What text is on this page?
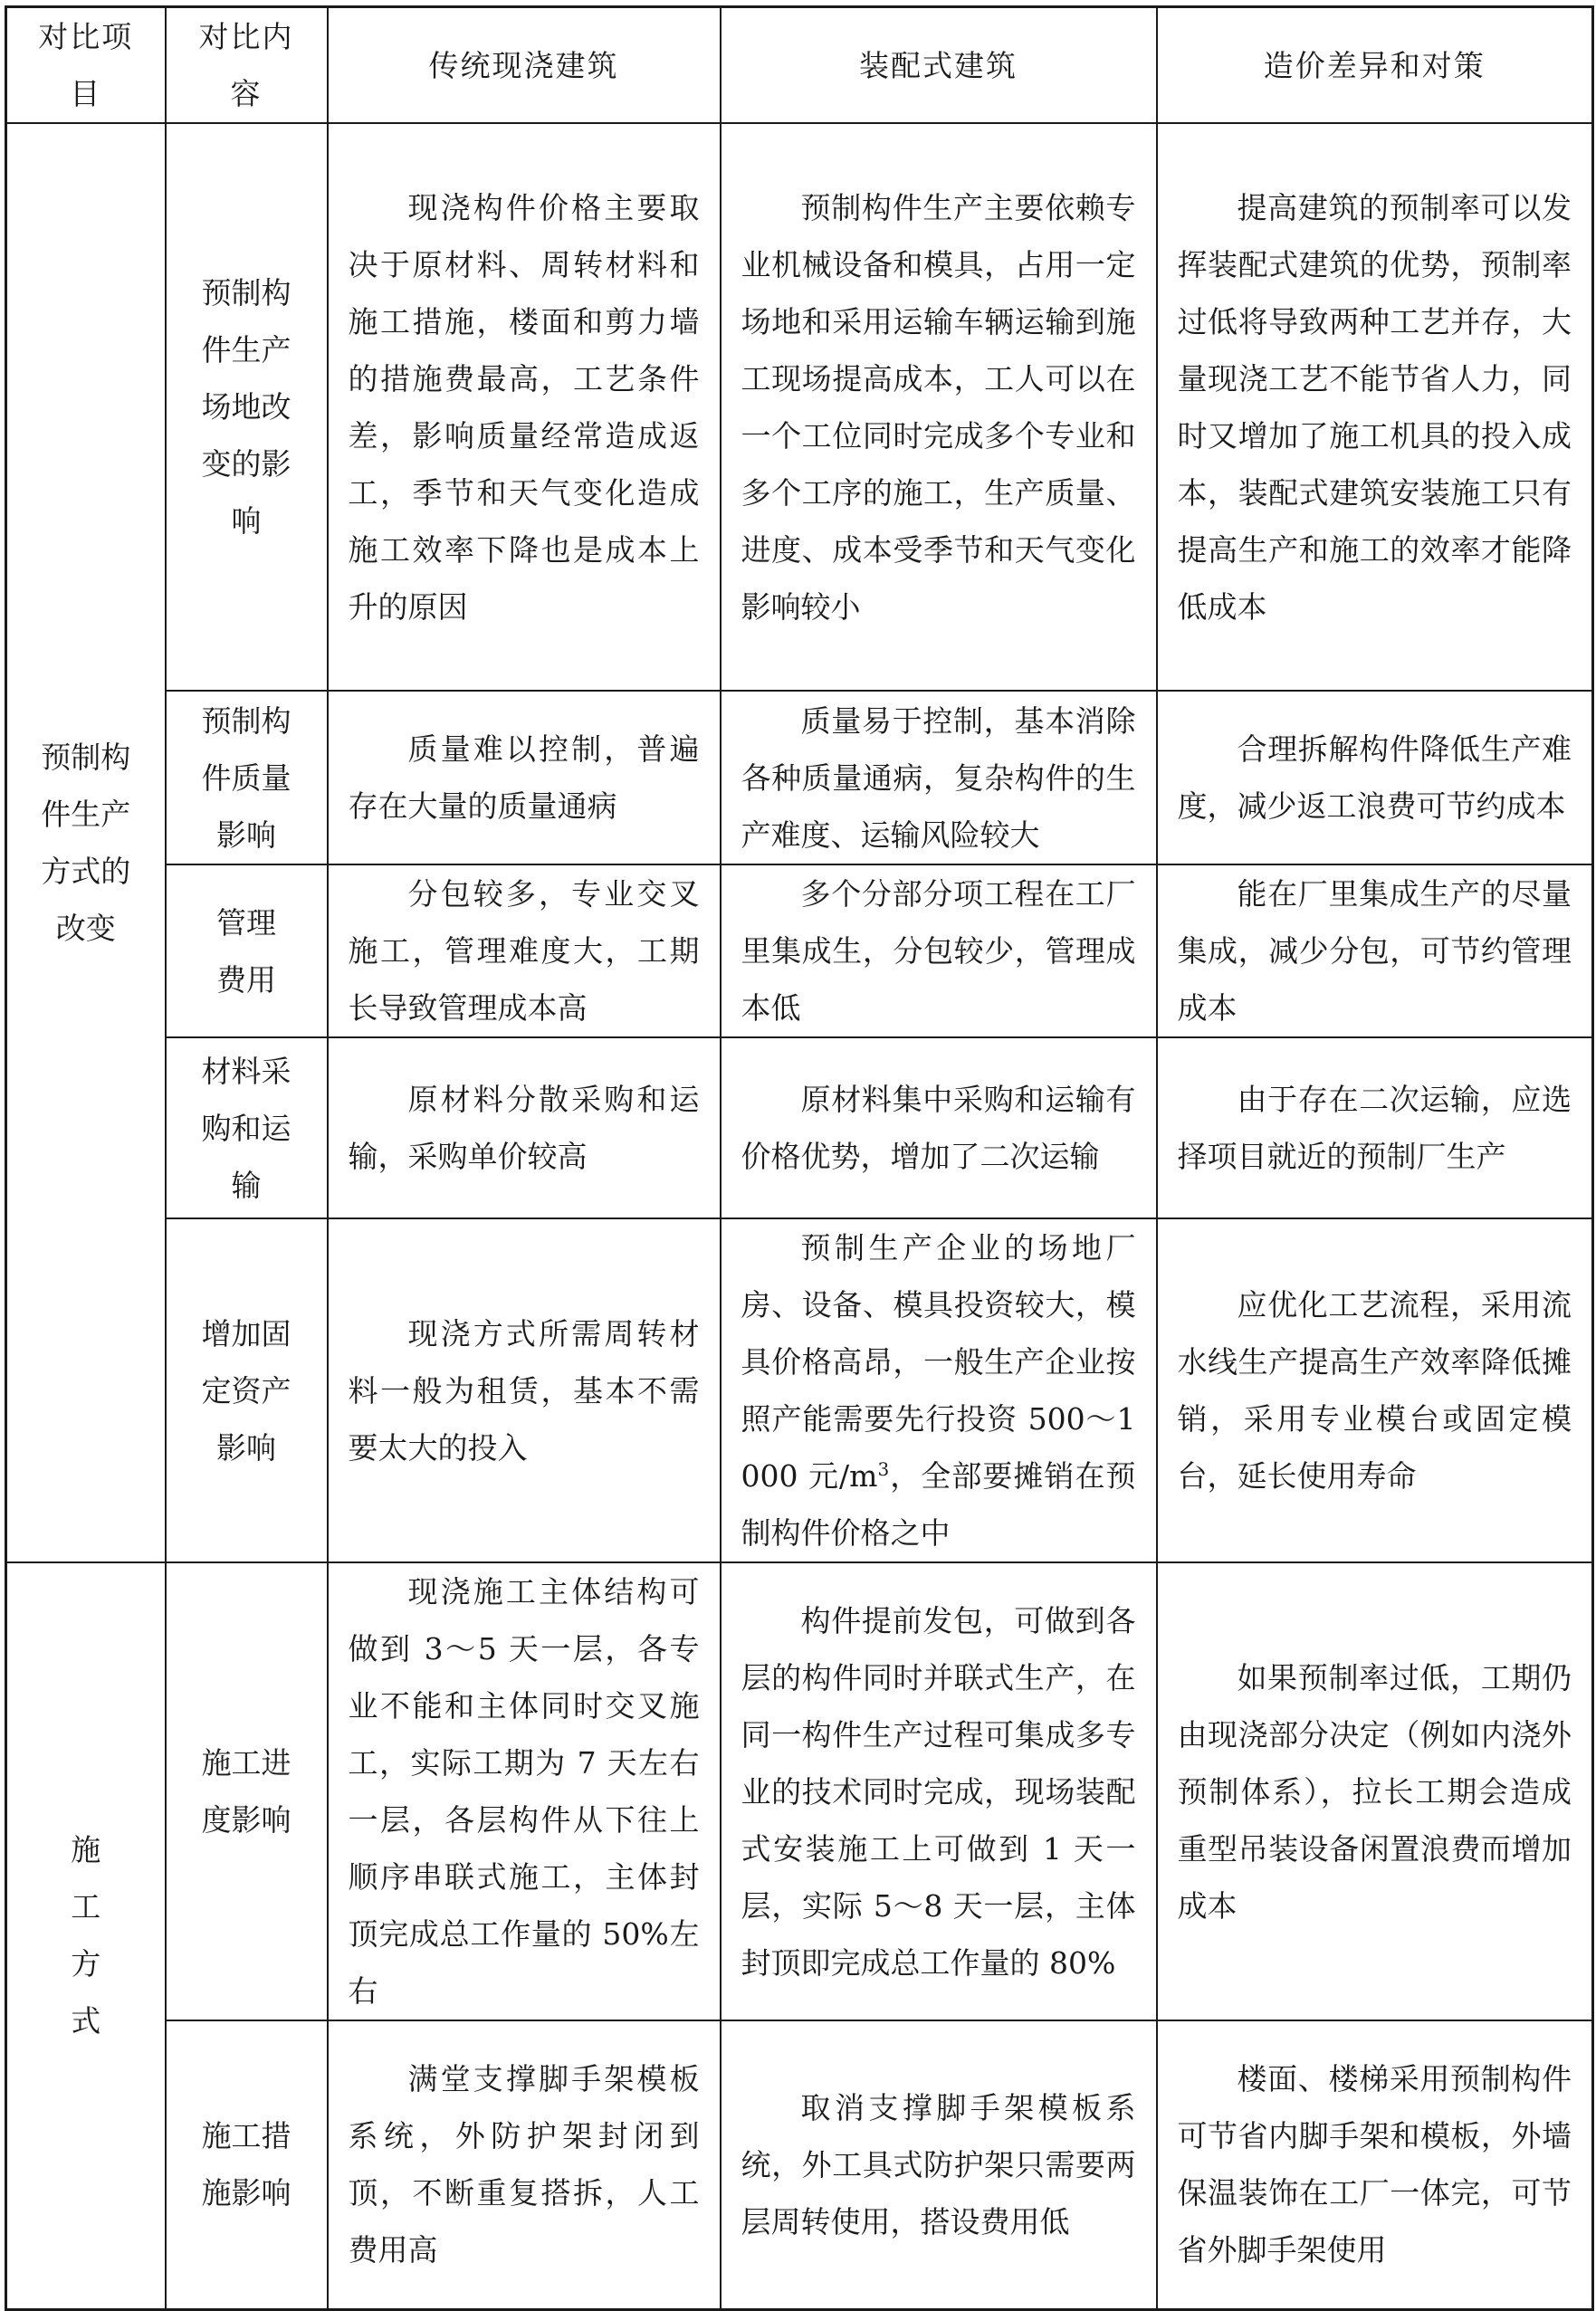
对比项目	对比内容	传统现浇建筑	装配式建筑	造价差异和对策
预制构件生产方式的改变	预制构件生产场地改变的影响	现浇构件价格主要取决于原材料、周转材料和施工措施，楼面和剪力墙的措施费最高，工艺条件差，影响质量经常造成返工，季节和天气变化造成施工效率下降也是成本上升的原因	预制构件生产主要依赖专业机械设备和模具，占用一定场地和采用运输车辆运输到施工现场提高成本，工人可以在一个工位同时完成多个专业和多个工序的施工，生产质量、进度、成本受季节和天气变化影响较小	提高建筑的预制率可以发挥装配式建筑的优势，预制率过低将导致两种工艺并存，大量现浇工艺不能节省人力，同时又增加了施工机具的投入成本，装配式建筑安装施工只有提高生产和施工的效率才能降低成本
	预制构件质量影响	质量难以控制，普遍存在大量的质量通病	质量易于控制，基本消除各种质量通病，复杂构件的生产难度、运输风险较大	合理拆解构件降低生产难度，减少返工浪费可节约成本
	管理费用	分包较多，专业交叉施工，管理难度大，工期长导致管理成本高	多个分部分项工程在工厂里集成生，分包较少，管理成本低	能在厂里集成生产的尽量集成，减少分包，可节约管理成本
	材料采购和运输	原材料分散采购和运输，采购单价较高	原材料集中采购和运输有价格优势，增加了二次运输	由于存在二次运输，应选择项目就近的预制厂生产
	增加固定资产影响	现浇方式所需周转材料一般为租赁，基本不需要太大的投入	预制生产企业的场地厂房、设备、模具投资较大，模具价格高昂，一般生产企业按照产能需要先行投资 500～1 000 元$/m^3$，全部要摊销在预制构件价格之中	应优化工艺流程，采用流水线生产提高生产效率降低摊销，采用专业模台或固定模台，延长使用寿命
施工方式	施工进度影响	现浇施工主体结构可做到 3～5 天一层，各专业不能和主体同时交叉施工，实际工期为 7 天左右一层，各层构件从下往上顺序串联式施工，主体封顶完成总工作量的 50%左右	构件提前发包，可做到各层的构件同时并联式生产，在同一构件生产过程可集成多专业的技术同时完成，现场装配式安装施工上可做到 1 天一层，实际 5～8 天一层，主体封顶即完成总工作量的 80%	如果预制率过低，工期仍由现浇部分决定（例如内浇外预制体系），拉长工期会造成重型吊装设备闲置浪费而增加成本
	施工措施影响	满堂支撑脚手架模板系统，外防护架封闭到顶，不断重复搭拆，人工费用高	取消支撑脚手架模板系统，外工具式防护架只需要两层周转使用，搭设费用低	楼面、楼梯采用预制构件可节省内脚手架和模板，外墙保温装饰在工厂一体完，可节省外脚手架使用
